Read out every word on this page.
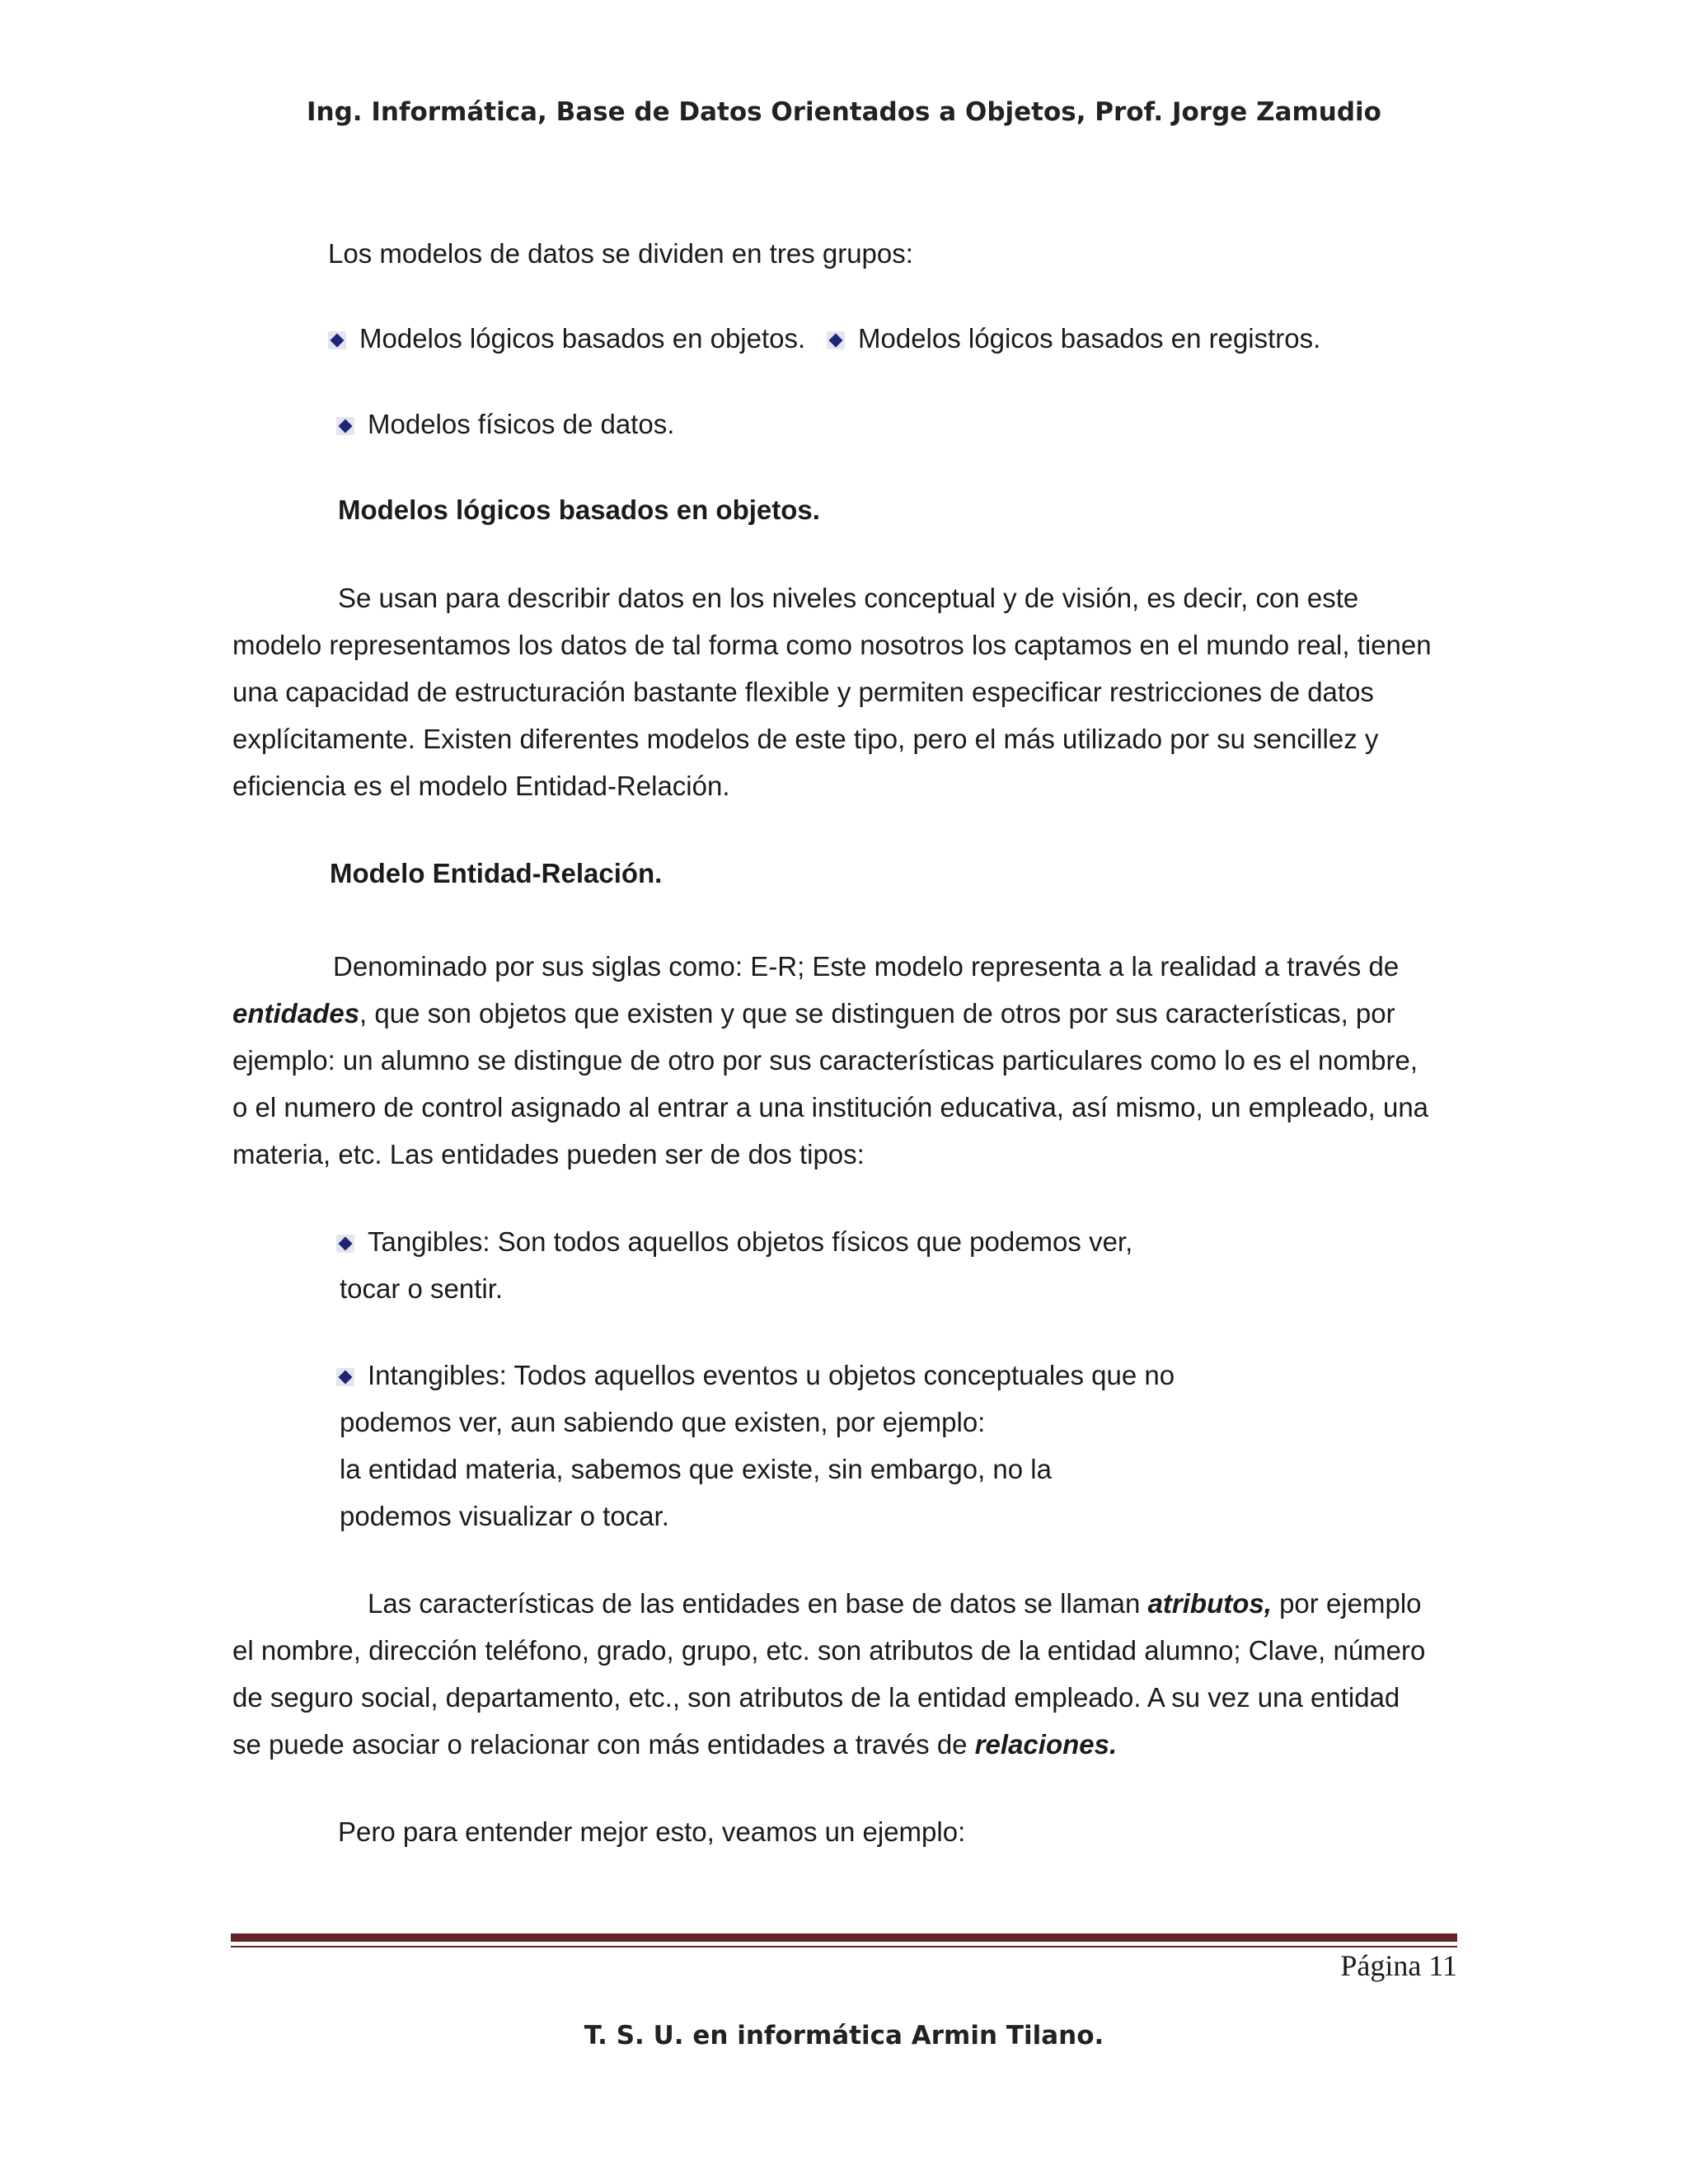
Ing. Informática, Base de Datos Orientados a Objetos, Prof. Jorge Zamudio
Los modelos de datos se dividen en tres grupos:
Modelos lógicos basados en objetos.	Modelos lógicos basados en registros.
Modelos físicos de datos.
Modelos lógicos basados en objetos.
Se usan para describir datos en los niveles conceptual y de visión, es decir, con este
modelo representamos los datos de tal forma como nosotros los captamos en el mundo real, tienen
una capacidad de estructuración bastante flexible y permiten especificar restricciones de datos
explícitamente. Existen diferentes modelos de este tipo, pero el más utilizado por su sencillez y
eficiencia es el modelo Entidad-Relación.
Modelo Entidad-Relación.
Denominado por sus siglas como: E-R; Este modelo representa a la realidad a través de
entidades, que son objetos que existen y que se distinguen de otros por sus características, por
ejemplo: un alumno se distingue de otro por sus características particulares como lo es el nombre,
o el numero de control asignado al entrar a una institución educativa, así mismo, un empleado, una
materia, etc. Las entidades pueden ser de dos tipos:
Tangibles: Son todos aquellos objetos físicos que podemos ver,
tocar o sentir.
Intangibles: Todos aquellos eventos u objetos conceptuales que no
podemos ver, aun sabiendo que existen, por ejemplo:
la entidad materia, sabemos que existe, sin embargo, no la
podemos visualizar o tocar.
Las características de las entidades en base de datos se llaman atributos, por ejemplo
el nombre, dirección teléfono, grado, grupo, etc. son atributos de la entidad alumno; Clave, número
de seguro social, departamento, etc., son atributos de la entidad empleado. A su vez una entidad
se puede asociar o relacionar con más entidades a través de relaciones.
Pero para entender mejor esto, veamos un ejemplo:
Página 11
T. S. U. en informática Armin Tilano.
